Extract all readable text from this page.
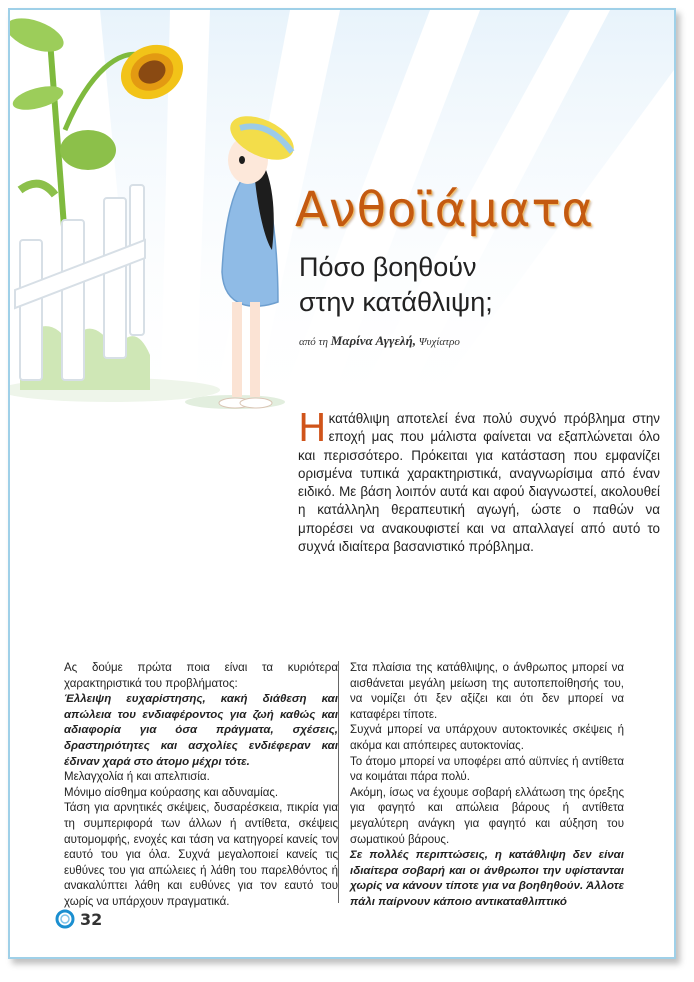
Ανθοϊάματα
Πόσο βοηθούν
στην κατάθλιψη;
από τη Μαρίνα Αγγελή, Ψυχίατρο
Ηκατάθλιψη αποτελεί ένα πολύ συχνό πρόβλημα στην εποχή μας που μάλιστα φαίνεται να εξαπλώνεται όλο και περισσότερο. Πρόκειται για κατάσταση που εμφανίζει ορισμένα τυπικά χαρακτηριστικά, αναγνωρίσιμα από έναν ειδικό. Με βάση λοιπόν αυτά και αφού διαγνωστεί, ακολουθεί η κατάλληλη θεραπευτική αγωγή, ώστε ο παθών να μπορέσει να ανακουφιστεί και να απαλλαγεί από αυτό το συχνά ιδιαίτερα βασανιστικό πρόβλημα.

Ας δούμε πρώτα ποια είναι τα κυριότερα χαρακτηριστικά του προβλήματος:

Έλλειψη ευχαρίστησης, κακή διάθεση και απώλεια του ενδιαφέροντος για ζωή καθώς και αδιαφορία για όσα πράγματα, σχέσεις, δραστηριότητες και ασχολίες ενδιέφεραν και έδιναν χαρά στο άτομο μέχρι τότε.

Μελαγχολία ή και απελπισία.

Μόνιμο αίσθημα κούρασης και αδυναμίας.

Τάση για αρνητικές σκέψεις, δυσαρέσκεια, πικρία για τη συμπεριφορά των άλλων ή αντίθετα, σκέψεις αυτομομφής, ενοχές και τάση να κατηγορεί κανείς τον εαυτό του για όλα. Συχνά μεγαλοποιεί κανείς τις ευθύνες του για απώλειες ή λάθη του παρελθόντος ή ανακαλύπτει λάθη και ευθύνες για τον εαυτό του χωρίς να υπάρχουν πραγματικά.

Στα πλαίσια της κατάθλιψης, ο άνθρωπος μπορεί να αισθάνεται μεγάλη μείωση της αυτοπεποίθησής του, να νομίζει ότι ξεν αξίζει και ότι δεν μπορεί να καταφέρει τίποτε.

Συχνά μπορεί να υπάρχουν αυτοκτονικές σκέψεις ή ακόμα και απόπειρες αυτοκτονίας.

Το άτομο μπορεί να υποφέρει από αϋπνίες ή αντίθετα να κοιμάται πάρα πολύ.

Ακόμη, ίσως να έχουμε σοβαρή ελλάτωση της όρεξης για φαγητό και απώλεια βάρους ή αντίθετα μεγαλύτερη ανάγκη για φαγητό και αύξηση του σωματικού βάρους.

Σε πολλές περιπτώσεις, η κατάθλιψη δεν είναι ιδιαίτερα σοβαρή και οι άνθρωποι την υφίστανται χωρίς να κάνουν τίποτε για να βοηθηθούν. Άλλοτε πάλι παίρνουν κάποιο αντικαταθλιπτικό

32
